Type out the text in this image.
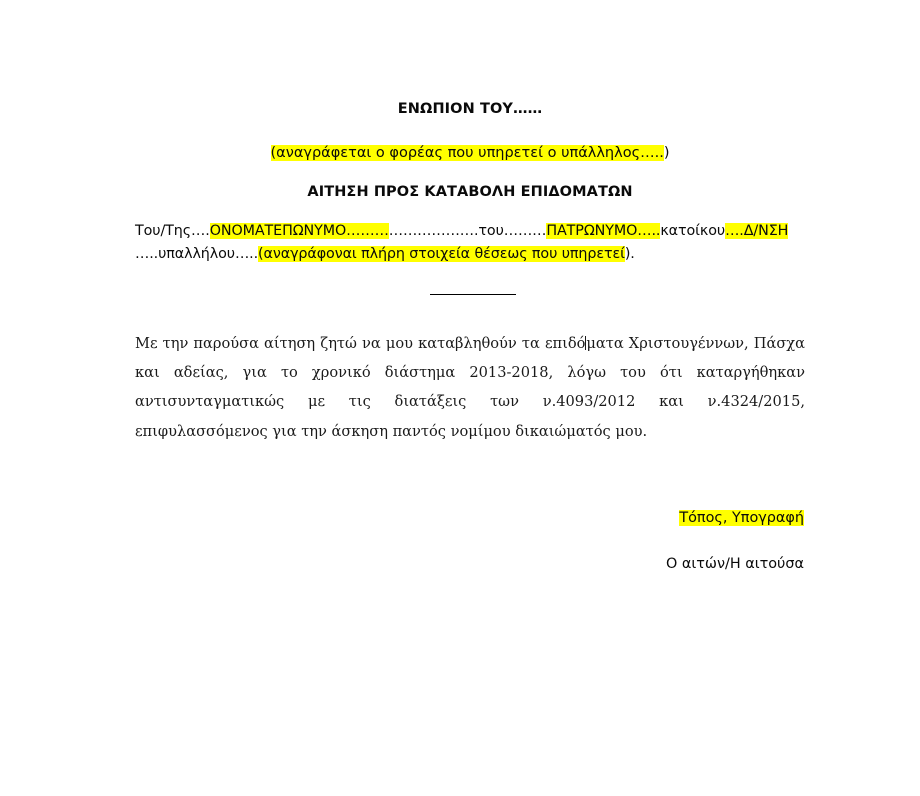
ΕΝΩΠΙΟΝ ΤΟΥ……
(αναγράφεται ο φορέας που υπηρετεί ο υπάλληλος…..)
ΑΙΤΗΣΗ ΠΡΟΣ ΚΑΤΑΒΟΛΗ ΕΠΙΔΟΜΑΤΩΝ
Του/Της….ΟΝΟΜΑΤΕΠΩΝΥΜΟ……………………….του………ΠΑΤΡΩΝΥΜΟ…..κατοίκου….Δ/ΝΣΗ
…..υπαλλήλου…..(αναγράφοναι πλήρη στοιχεία θέσεως που υπηρετεί).
Με την παρούσα αίτηση ζητώ να μου καταβληθούν τα επιδόματα Χριστουγέννων, Πάσχα και αδείας, για το χρονικό διάστημα 2013-2018, λόγω του ότι καταργήθηκαν αντισυνταγματικώς με τις διατάξεις των ν.4093/2012 και ν.4324/2015, επιφυλασσόμενος για την άσκηση παντός νομίμου δικαιώματός μου.
Τόπος, Υπογραφή
Ο αιτών/Η αιτούσα
